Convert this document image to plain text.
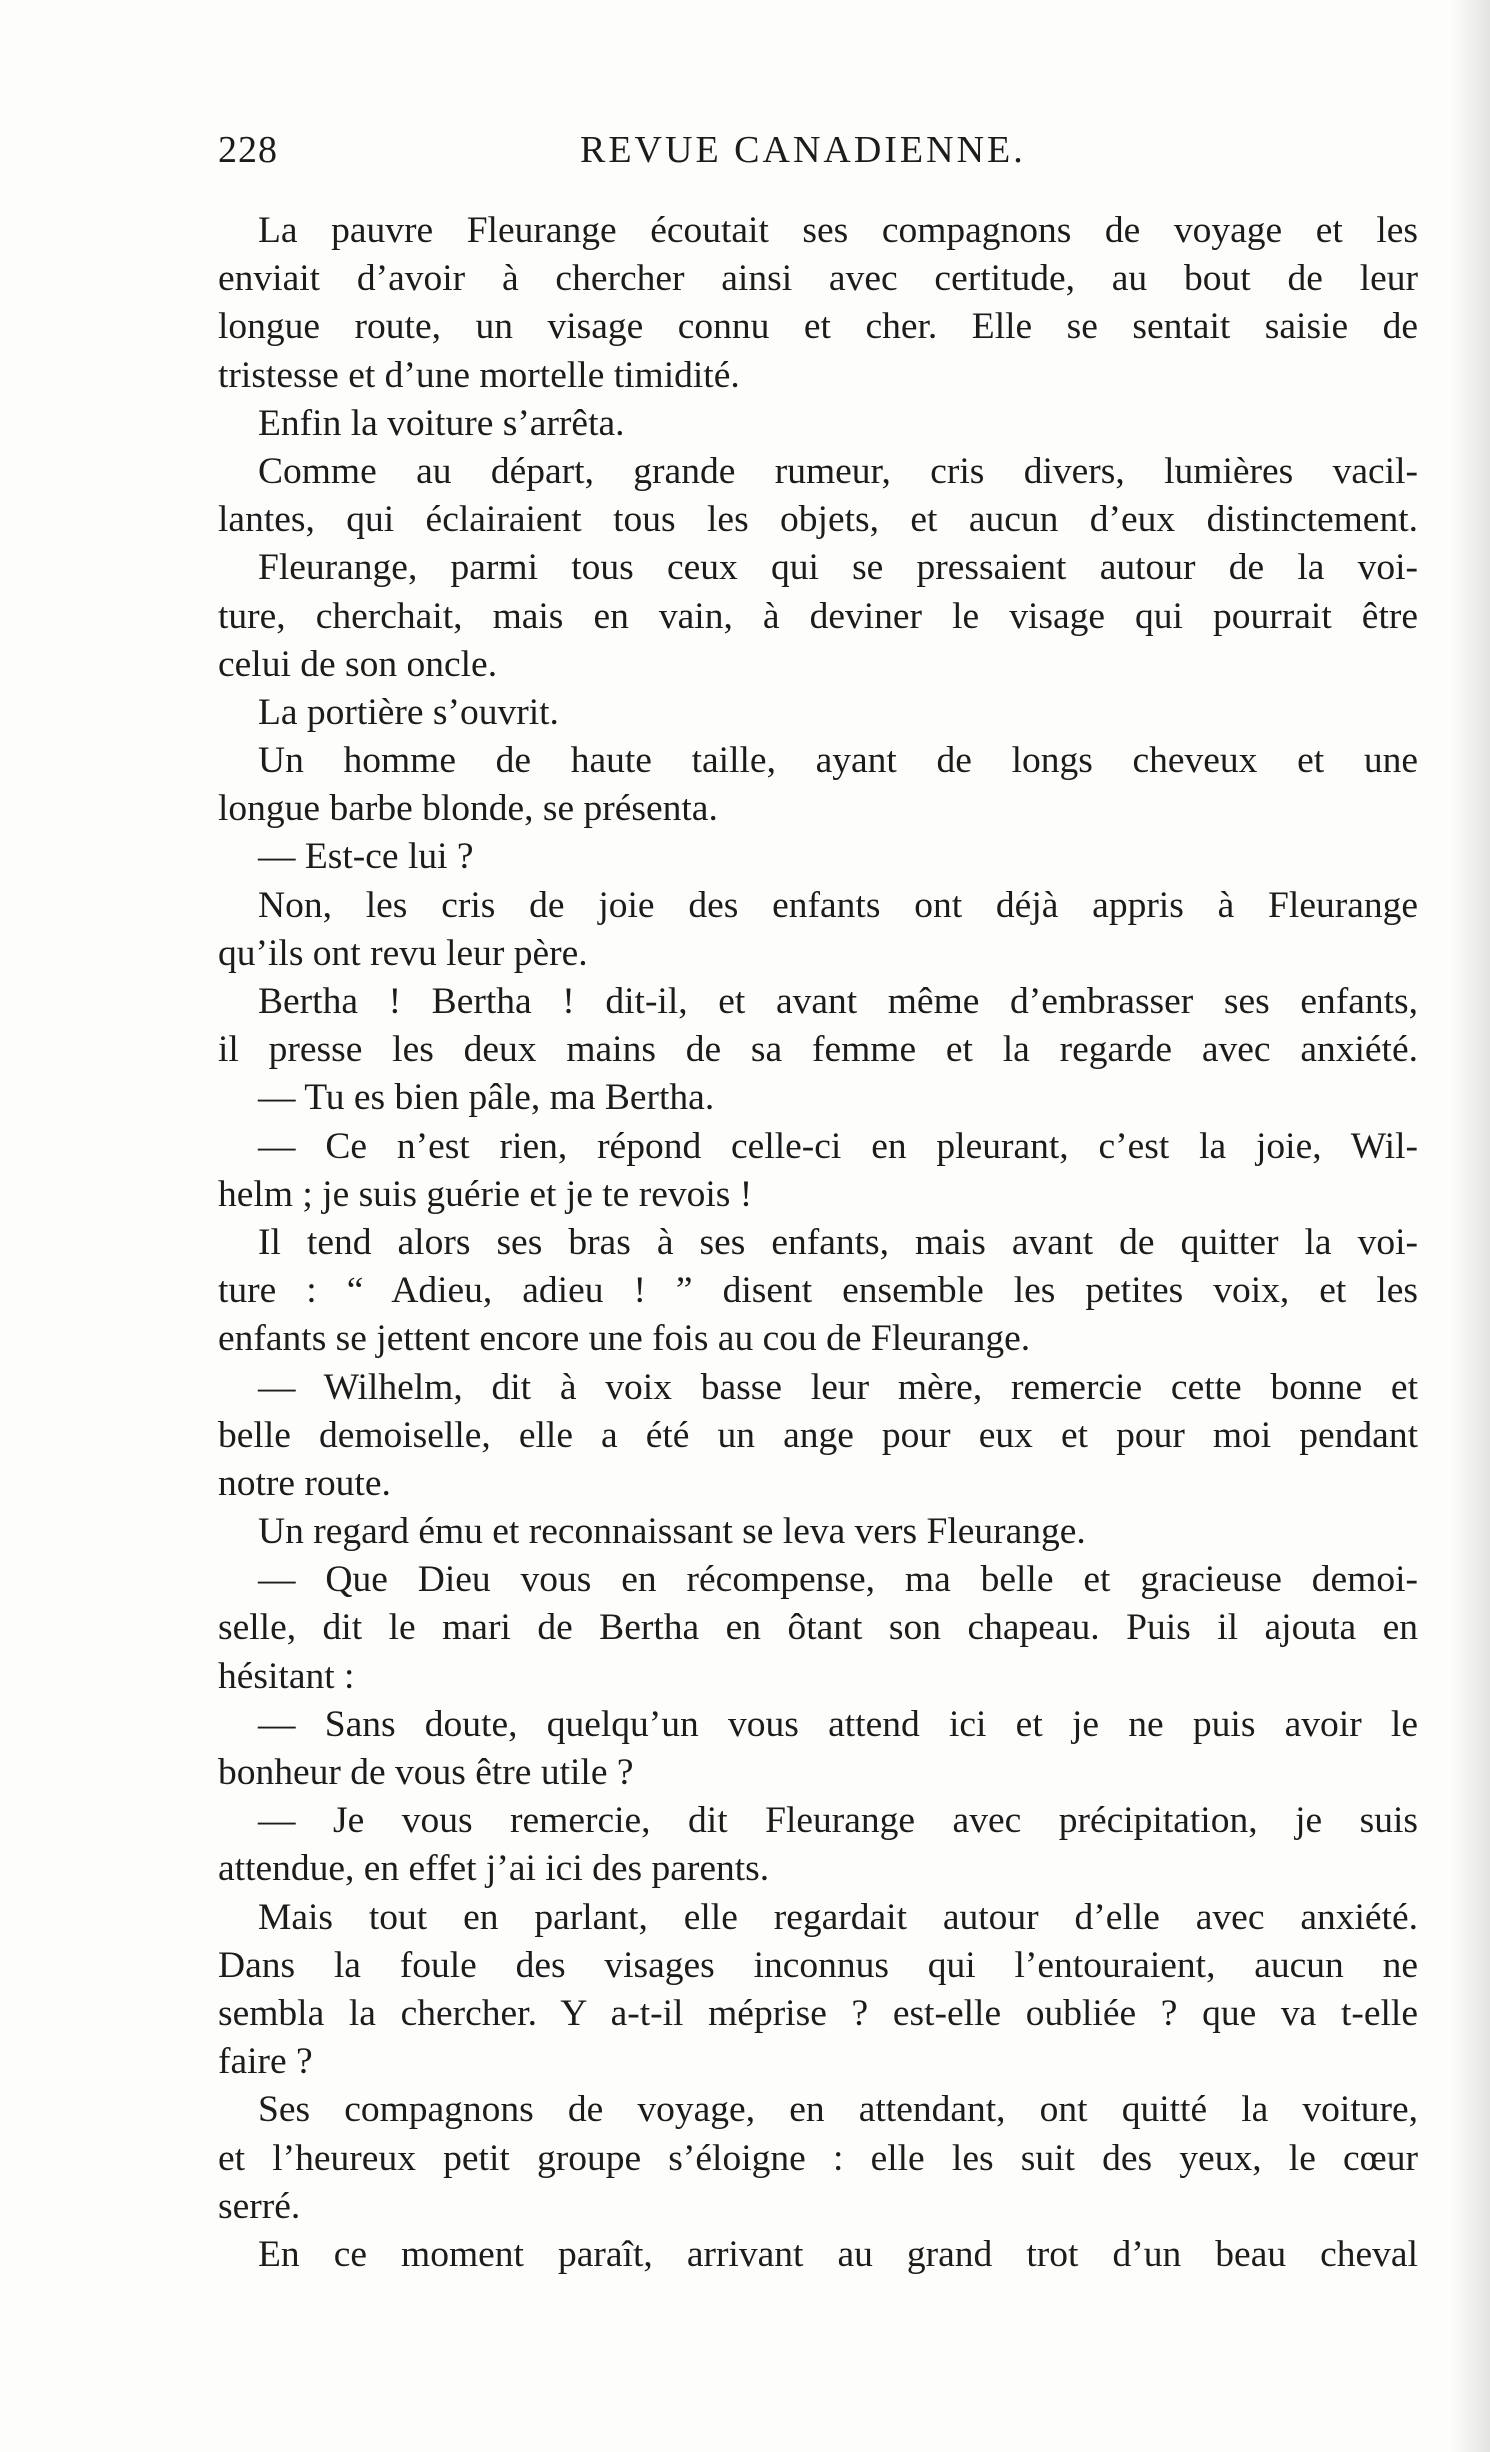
228	REVUE CANADIENNE.
La pauvre Fleurange écoutait ses compagnons de voyage et les
enviait d’avoir à chercher ainsi avec certitude, au bout de leur
longue route, un visage connu et cher. Elle se sentait saisie de
tristesse et d’une mortelle timidité.
Enfin la voiture s’arrêta.
Comme au départ, grande rumeur, cris divers, lumières vacil-
lantes, qui éclairaient tous les objets, et aucun d’eux distinctement.
Fleurange, parmi tous ceux qui se pressaient autour de la voi-
ture, cherchait, mais en vain, à deviner le visage qui pourrait être
celui de son oncle.
La portière s’ouvrit.
Un homme de haute taille, ayant de longs cheveux et une
longue barbe blonde, se présenta.
— Est-ce lui ?
Non, les cris de joie des enfants ont déjà appris à Fleurange
qu’ils ont revu leur père.
Bertha ! Bertha ! dit-il, et avant même d’embrasser ses enfants,
il presse les deux mains de sa femme et la regarde avec anxiété.
— Tu es bien pâle, ma Bertha.
— Ce n’est rien, répond celle-ci en pleurant, c’est la joie, Wil-
helm ; je suis guérie et je te revois !
Il tend alors ses bras à ses enfants, mais avant de quitter la voi-
ture : “ Adieu, adieu ! ” disent ensemble les petites voix, et les
enfants se jettent encore une fois au cou de Fleurange.
— Wilhelm, dit à voix basse leur mère, remercie cette bonne et
belle demoiselle, elle a été un ange pour eux et pour moi pendant
notre route.
Un regard ému et reconnaissant se leva vers Fleurange.
— Que Dieu vous en récompense, ma belle et gracieuse demoi-
selle, dit le mari de Bertha en ôtant son chapeau. Puis il ajouta en
hésitant :
— Sans doute, quelqu’un vous attend ici et je ne puis avoir le
bonheur de vous être utile ?
— Je vous remercie, dit Fleurange avec précipitation, je suis
attendue, en effet j’ai ici des parents.
Mais tout en parlant, elle regardait autour d’elle avec anxiété.
Dans la foule des visages inconnus qui l’entouraient, aucun ne
sembla la chercher. Y a-t-il méprise ? est-elle oubliée ? que va t-elle
faire ?
Ses compagnons de voyage, en attendant, ont quitté la voiture,
et l’heureux petit groupe s’éloigne : elle les suit des yeux, le cœur
serré.
En ce moment paraît, arrivant au grand trot d’un beau cheval
